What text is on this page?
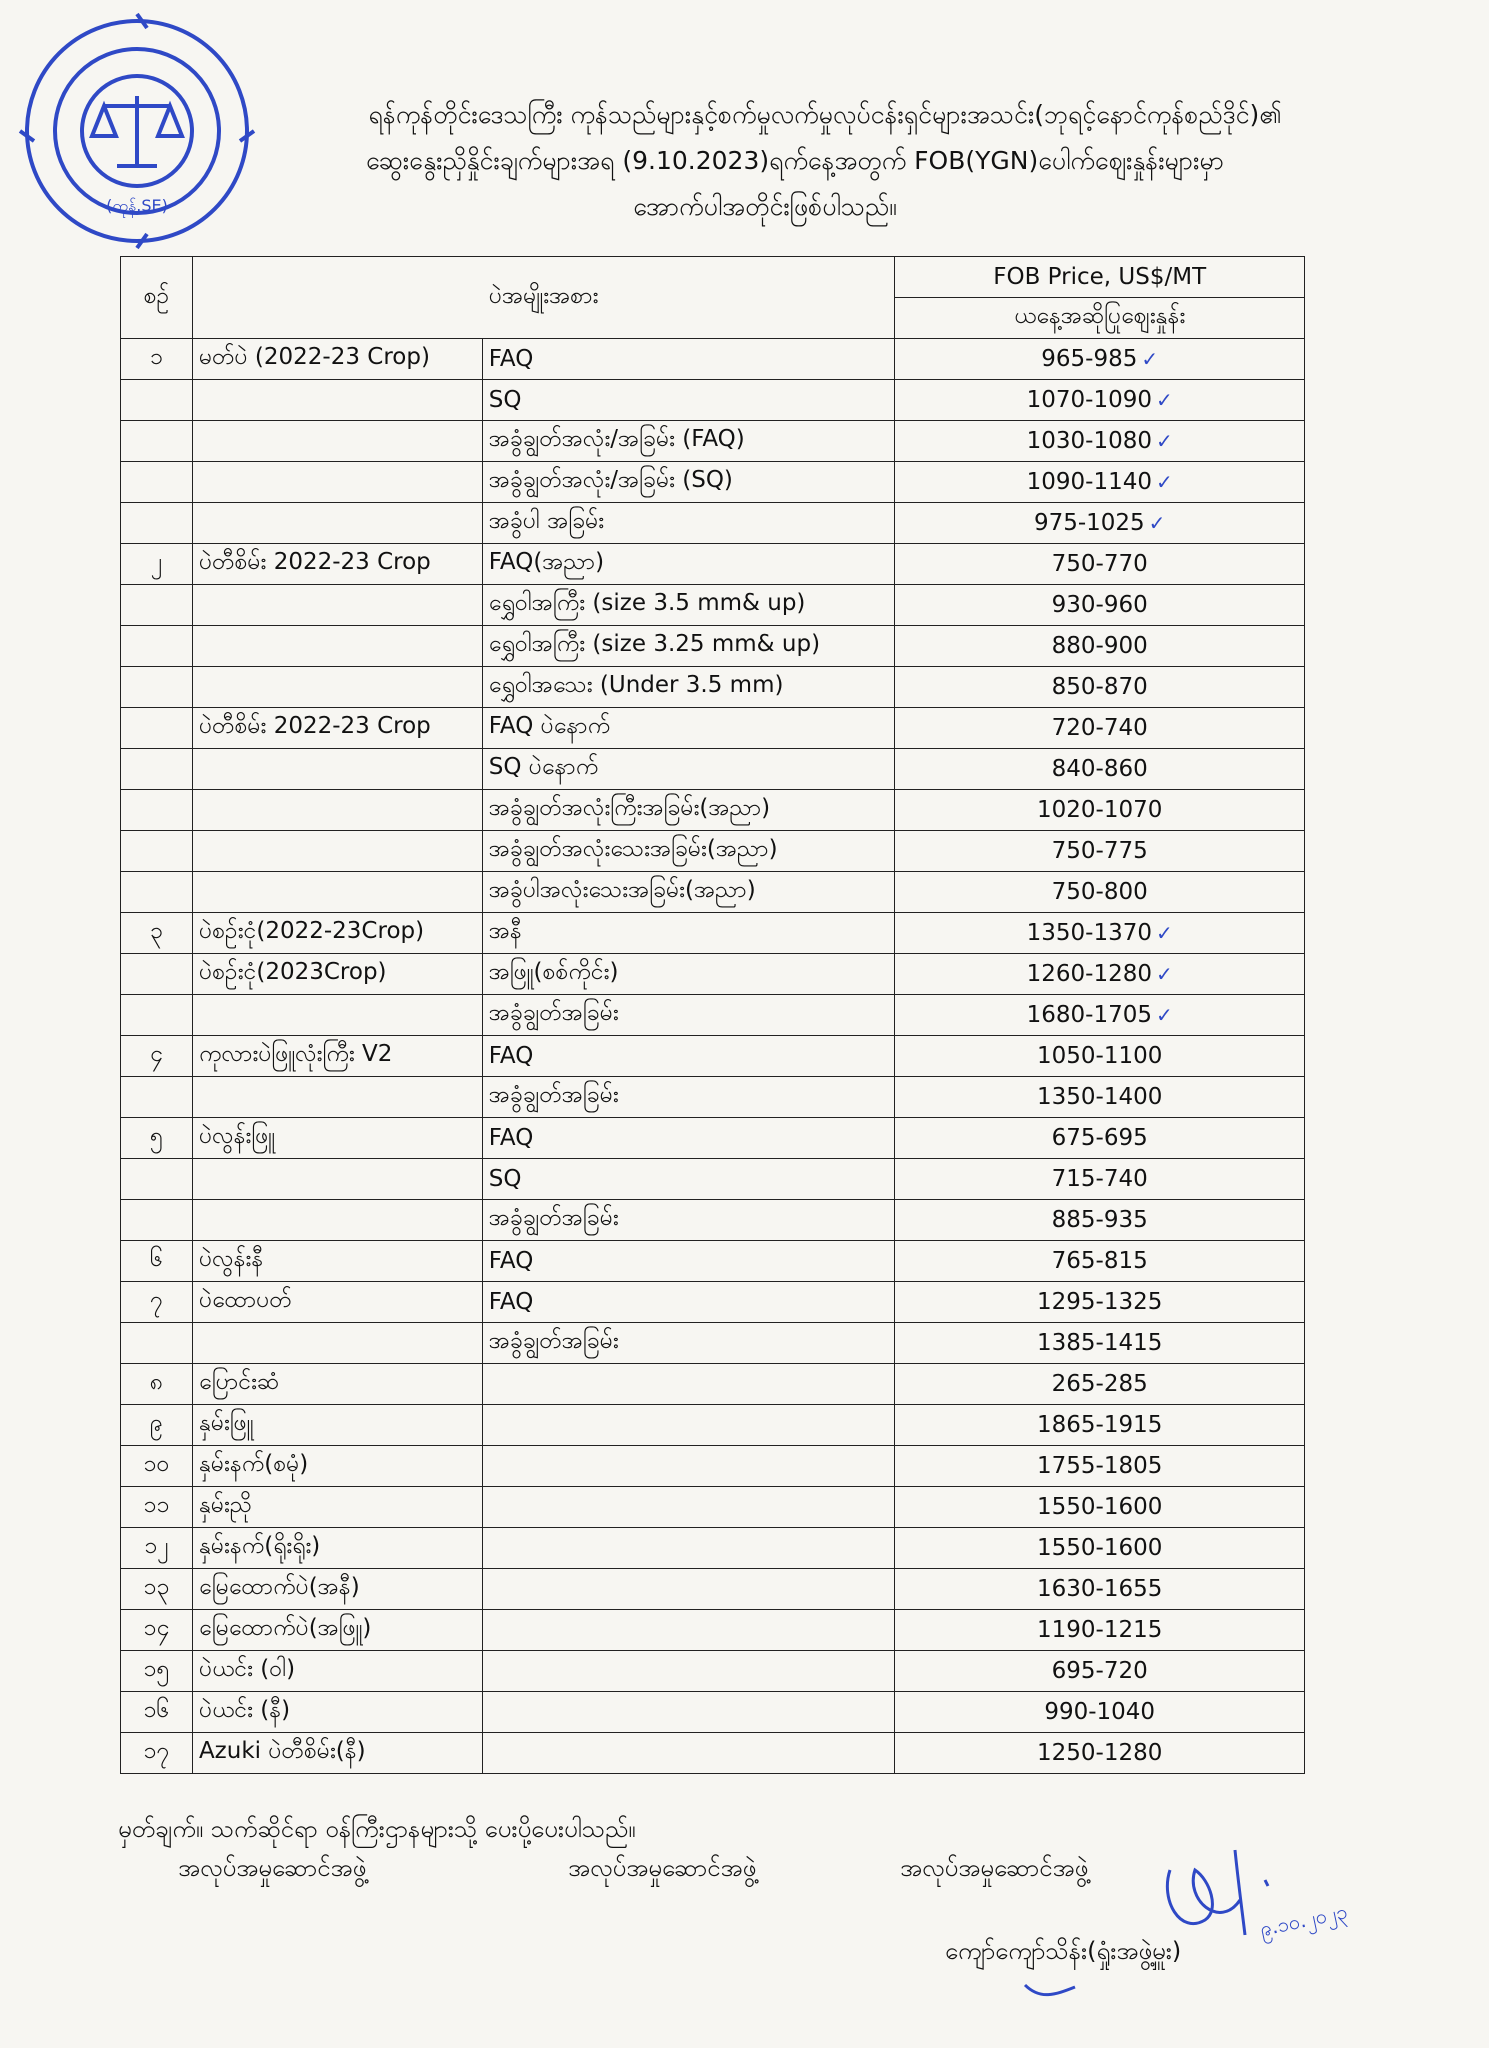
(ကုန်.SE)
ရန်ကုန်တိုင်းဒေသကြီး ကုန်သည်များနှင့်စက်မှုလက်မှုလုပ်ငန်းရှင်များအသင်း(ဘုရင့်နောင်ကုန်စည်ဒိုင်)၏
ဆွေးနွေးညှိနှိုင်းချက်များအရ (9.10.2023)ရက်နေ့အတွက် FOB(YGN)ပေါက်ဈေးနှုန်းများမှာ
အောက်ပါအတိုင်းဖြစ်ပါသည်။
စဉ်	ပဲအမျိုးအစား		FOB Price, US$/MT
			ယနေ့အဆိုပြုဈေးနှုန်း
၁	မတ်ပဲ (2022-23 Crop)	FAQ	965-985 ✓
		SQ	1070-1090 ✓
		အခွံချွတ်အလုံး/အခြမ်း (FAQ)	1030-1080 ✓
		အခွံချွတ်အလုံး/အခြမ်း (SQ)	1090-1140 ✓
		အခွံပါ အခြမ်း	975-1025 ✓
၂	ပဲတီစိမ်း 2022-23 Crop	FAQ(အညာ)	750-770
		ရွှေဝါအကြီး (size 3.5 mm& up)	930-960
		ရွှေဝါအကြီး (size 3.25 mm& up)	880-900
		ရွှေဝါအသေး (Under 3.5 mm)	850-870
	ပဲတီစိမ်း 2022-23 Crop	FAQ ပဲနောက်	720-740
		SQ ပဲနောက်	840-860
		အခွံချွတ်အလုံးကြီးအခြမ်း(အညာ)	1020-1070
		အခွံချွတ်အလုံးသေးအခြမ်း(အညာ)	750-775
		အခွံပါအလုံးသေးအခြမ်း(အညာ)	750-800
၃	ပဲစဉ်းငုံ(2022-23Crop)	အနီ	1350-1370 ✓
	ပဲစဉ်းငုံ(2023Crop)	အဖြူ(စစ်ကိုင်း)	1260-1280 ✓
		အခွံချွတ်အခြမ်း	1680-1705 ✓
၄	ကုလားပဲဖြူလုံးကြီး V2	FAQ	1050-1100
		အခွံချွတ်အခြမ်း	1350-1400
၅	ပဲလွန်းဖြူ	FAQ	675-695
		SQ	715-740
		အခွံချွတ်အခြမ်း	885-935
၆	ပဲလွန်းနီ	FAQ	765-815
၇	ပဲထောပတ်	FAQ	1295-1325
		အခွံချွတ်အခြမ်း	1385-1415
၈	ပြောင်းဆံ		265-285
၉	နှမ်းဖြူ		1865-1915
၁၀	နှမ်းနက်(စမုံ)		1755-1805
၁၁	နှမ်းညို		1550-1600
၁၂	နှမ်းနက်(ရိုးရိုး)		1550-1600
၁၃	မြေထောက်ပဲ(အနီ)		1630-1655
၁၄	မြေထောက်ပဲ(အဖြူ)		1190-1215
၁၅	ပဲယင်း (ဝါ)		695-720
၁၆	ပဲယင်း (နီ)		990-1040
၁၇	Azuki ပဲတီစိမ်း(နီ)		1250-1280
မှတ်ချက်။ သက်ဆိုင်ရာ ဝန်ကြီးဌာနများသို့ ပေးပို့ပေးပါသည်။
အလုပ်အမှုဆောင်အဖွဲ့	အလုပ်အမှုဆောင်အဖွဲ့	အလုပ်အမှုဆောင်အဖွဲ့
၉.၁၀.၂၀၂၃
ကျော်ကျော်သိန်း(ရှုံးအဖွဲ့မှူး)
